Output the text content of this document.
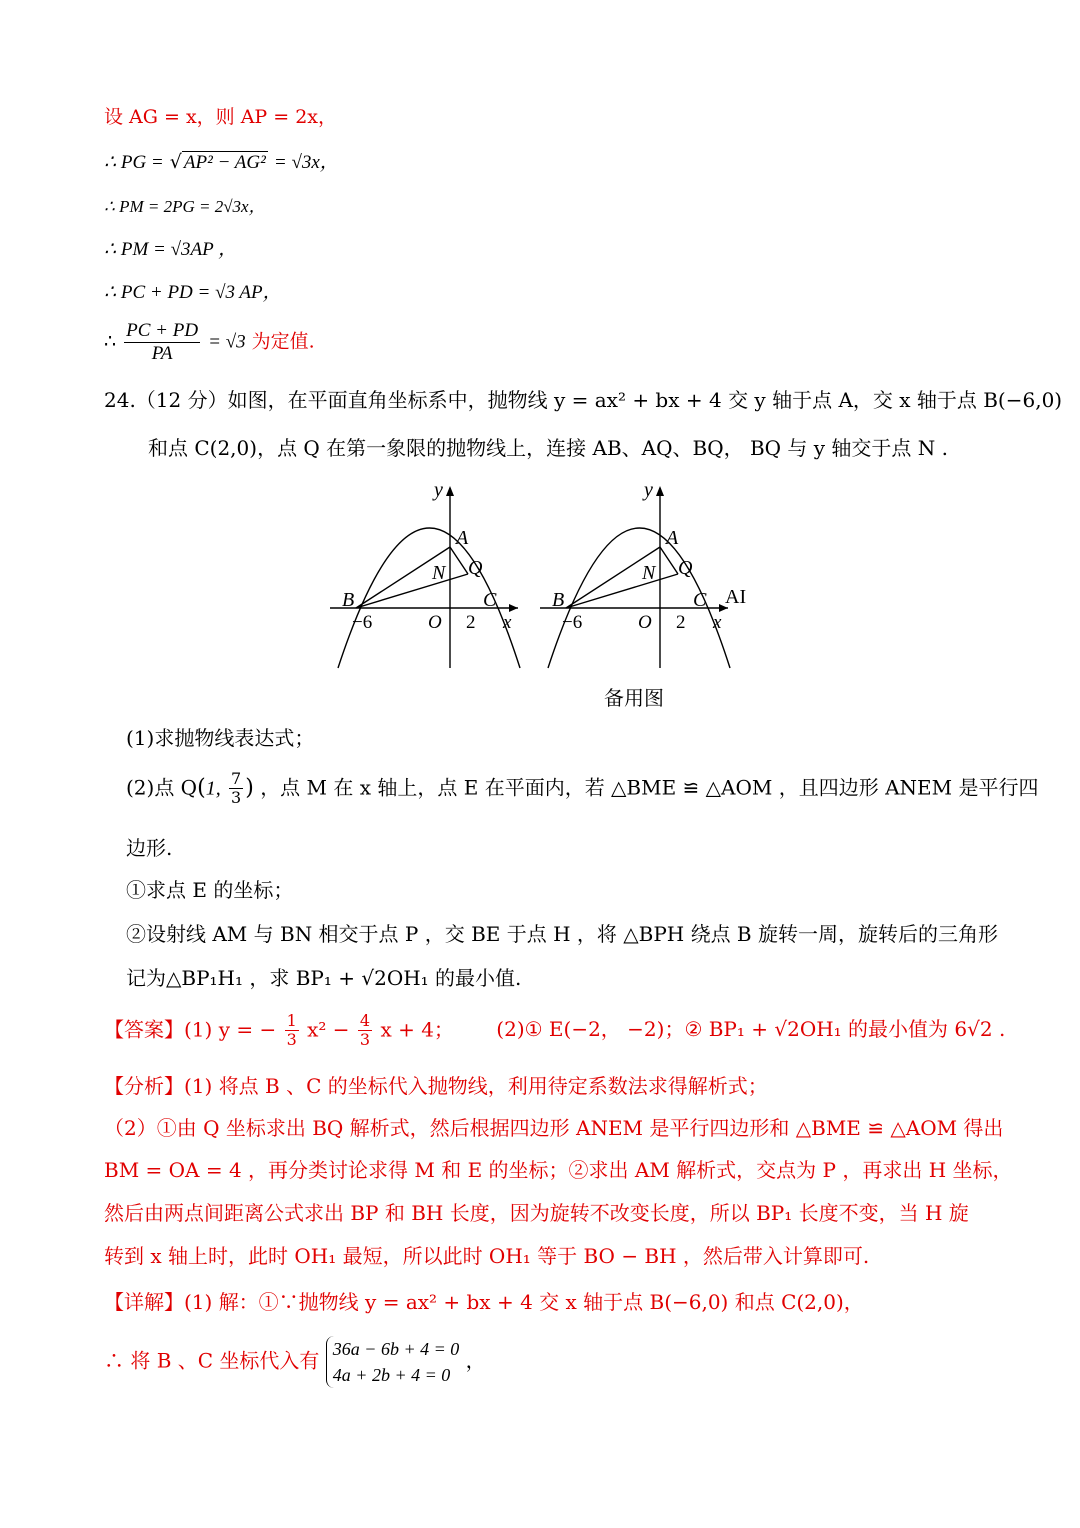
设 AG = x，则 AP = 2x，
∴ PG = √ AP² − AG² = √3x，
∴ PM = 2PG = 2√3x，
∴ PM = √3AP ，
∴ PC + PD = √3 AP，
∴ $\frac{PC + PD}{PA} = √3$ 为定值.
24.（12 分）如图，在平面直角坐标系中，抛物线 y = ax² + bx + 4 交 y 轴于点 A，交 x 轴于点 B(−6,0)
和点 C(2,0)，点 Q 在第一象限的抛物线上，连接 AB、AQ、BQ， BQ 与 y 轴交于点 N .
y
A
N Q
B	C
−6	O 2 x
y
A
N Q
B	C
−6	O 2 x
AI
备用图
(1)求抛物线表达式；
(2)点 Q(1, $\frac{7}{3}$ ) ，点 M 在 x 轴上，点 E 在平面内，若 △BME ≌ △AOM ，且四边形 ANEM 是平行四
边形.
①求点 E 的坐标；
②设射线 AM 与 BN 相交于点 P ，交 BE 于点 H ，将 △BPH 绕点 B 旋转一周，旋转后的三角形
记为△BP₁H₁ ，求 BP₁ + √2OH₁ 的最小值.
【答案】(1) y = − $\frac{1}{3} x^2 - \frac{4}{3}$ x + 4； (2)① E(−2， −2)；② BP₁ + √2OH₁ 的最小值为 6√2 .
【分析】(1) 将点 B 、C 的坐标代入抛物线，利用待定系数法求得解析式；
（2）①由 Q 坐标求出 BQ 解析式，然后根据四边形 ANEM 是平行四边形和 △BME ≌ △AOM 得出
BM = OA = 4 ，再分类讨论求得 M 和 E 的坐标；②求出 AM 解析式，交点为 P ，再求出 H 坐标，
然后由两点间距离公式求出 BP 和 BH 长度，因为旋转不改变长度，所以 BP₁ 长度不变，当 H 旋
转到 x 轴上时，此时 OH₁ 最短，所以此时 OH₁ 等于 BO − BH ，然后带入计算即可.
【详解】(1) 解：①∵抛物线 y = ax² + bx + 4 交 x 轴于点 B(−6,0) 和点 C(2,0)，
∴ 将 B 、C 坐标代入有 36a − 6b + 4 = 0
4a + 2b + 4 = 0
，
